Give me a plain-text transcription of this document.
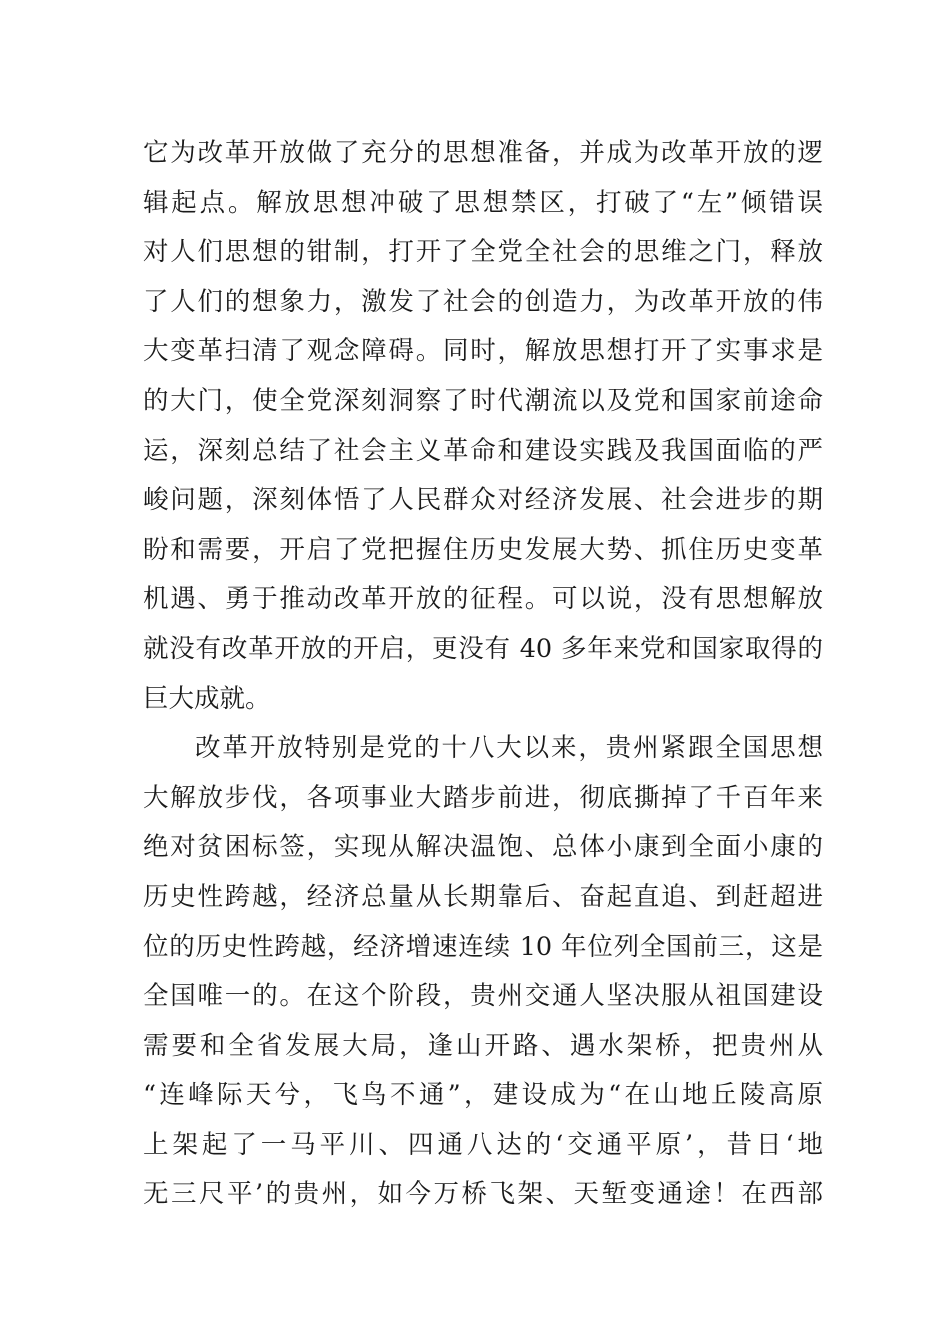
它为改革开放做了充分的思想准备，并成为改革开放的逻
辑起点。解放思想冲破了思想禁区，打破了“左”倾错误
对人们思想的钳制，打开了全党全社会的思维之门，释放
了人们的想象力，激发了社会的创造力，为改革开放的伟
大变革扫清了观念障碍。同时，解放思想打开了实事求是
的大门，使全党深刻洞察了时代潮流以及党和国家前途命
运，深刻总结了社会主义革命和建设实践及我国面临的严
峻问题，深刻体悟了人民群众对经济发展、社会进步的期
盼和需要，开启了党把握住历史发展大势、抓住历史变革
机遇、勇于推动改革开放的征程。可以说，没有思想解放
就没有改革开放的开启，更没有 40 多年来党和国家取得的
巨大成就。
改革开放特别是党的十八大以来，贵州紧跟全国思想
大解放步伐，各项事业大踏步前进，彻底撕掉了千百年来
绝对贫困标签，实现从解决温饱、总体小康到全面小康的
历史性跨越，经济总量从长期靠后、奋起直追、到赶超进
位的历史性跨越，经济增速连续 10 年位列全国前三，这是
全国唯一的。在这个阶段，贵州交通人坚决服从祖国建设
需要和全省发展大局，逢山开路、遇水架桥，把贵州从
“连峰际天兮，飞鸟不通”，建设成为“在山地丘陵高原
上架起了一马平川、四通八达的‘交通平原’，昔日‘地
无三尺平’的贵州，如今万桥飞架、天堑变通途！在西部
